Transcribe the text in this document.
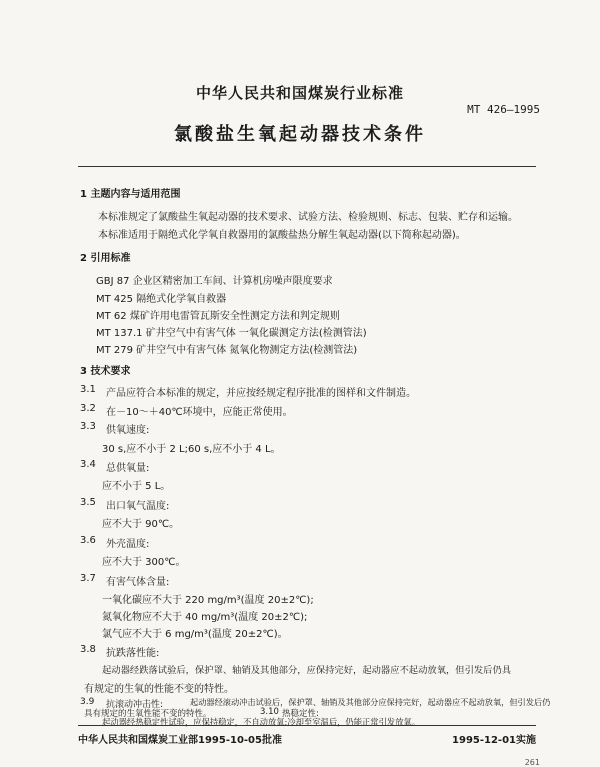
中华人民共和国煤炭行业标准
MT 426—1995
氯酸盐生氧起动器技术条件
1 主题内容与适用范围
本标准规定了氯酸盐生氧起动器的技术要求、试验方法、检验规则、标志、包装、贮存和运输。
本标准适用于隔绝式化学氧自救器用的氯酸盐热分解生氧起动器(以下简称起动器)。
2 引用标准
GBJ 87 企业区精密加工车间、计算机房噪声限度要求
MT 425 隔绝式化学氧自救器
MT 62 煤矿许用电雷管瓦斯安全性测定方法和判定规则
MT 137.1 矿井空气中有害气体 一氧化碳测定方法(检测管法)
MT 279 矿井空气中有害气体 氮氧化物测定方法(检测管法)
3 技术要求
3.1 产品应符合本标准的规定，并应按经规定程序批准的图样和文件制造。
3.2 在－10～＋40℃环境中，应能正常使用。
3.3 供氧速度:
30 s,应不小于 2 L;60 s,应不小于 4 L。
3.4 总供氧量:
应不小于 5 L。
3.5 出口氧气温度:
应不大于 90℃。
3.6 外壳温度:
应不大于 300℃。
3.7 有害气体含量:
一氧化碳应不大于 220 mg/m³(温度 20±2℃);
氮氧化物应不大于 40 mg/m³(温度 20±2℃);
氯气应不大于 6 mg/m³(温度 20±2℃)。
3.8 抗跌落性能:
起动器经跌落试验后，保护罩、轴销及其他部分，应保持完好，起动器应不起动放氧，但引发后仍具
有规定的生氧的性能不变的特性。
3.9 抗滚动冲击性:	起动器经滚动冲击试验后，保护罩、轴销及其他部分应保持完好，起动器应不起动放氧，但引发后仍
具有规定的生氧性能不变的特性。	3.10 热稳定性:
起动器经热稳定性试验，应保持稳定，不自动放氧;冷却至室温后，仍能正常引发放氧。
中华人民共和国煤炭工业部1995-10-05批准	1995-12-01实施
261
